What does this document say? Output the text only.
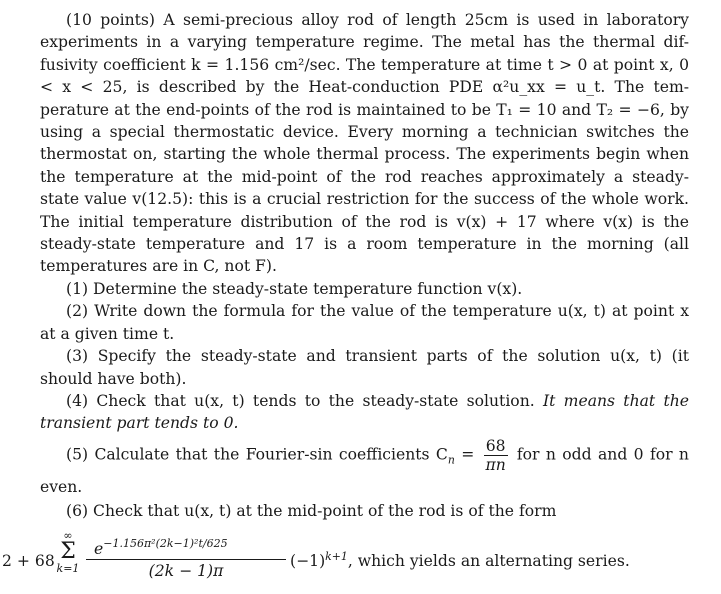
(10 points) A semi-precious alloy rod of length 25cm is used in laboratory experiments in a varying temperature regime. The metal has the thermal dif- fusivity coefficient k = 1.156 cm²/sec. The temperature at time t > 0 at point x, 0 < x < 25, is described by the Heat-conduction PDE α²u_xx = u_t. The tem- perature at the end-points of the rod is maintained to be T₁ = 10 and T₂ = −6, by using a special thermostatic device. Every morning a technician switches the thermostat on, starting the whole thermal process. The experiments begin when the temperature at the mid-point of the rod reaches approximately a steady- state value v(12.5): this is a crucial restriction for the success of the whole work. The initial temperature distribution of the rod is v(x) + 17 where v(x) is the steady-state temperature and 17 is a room temperature in the morning (all temperatures are in C, not F).

(1) Determine the steady-state temperature function v(x).

(2) Write down the formula for the value of the temperature u(x, t) at point x at a given time t.

(3) Specify the steady-state and transient parts of the solution u(x, t) (it should have both).

(4) Check that u(x, t) tends to the steady-state solution. It means that the transient part tends to 0.

(5) Calculate that the Fourier-sin coefficients $C_n = \frac{68}{\pi n}$ for n odd and 0 for n even.

(6) Check that u(x, t) at the mid-point of the rod is of the form

2 + 68
∞
Σ
$k=1 \frac{e^{-1.156\pi^2(2k-1)^2t/625}}{(2k - 1)\pi} (-1)^{k+1}$, which yields an alternating series.
